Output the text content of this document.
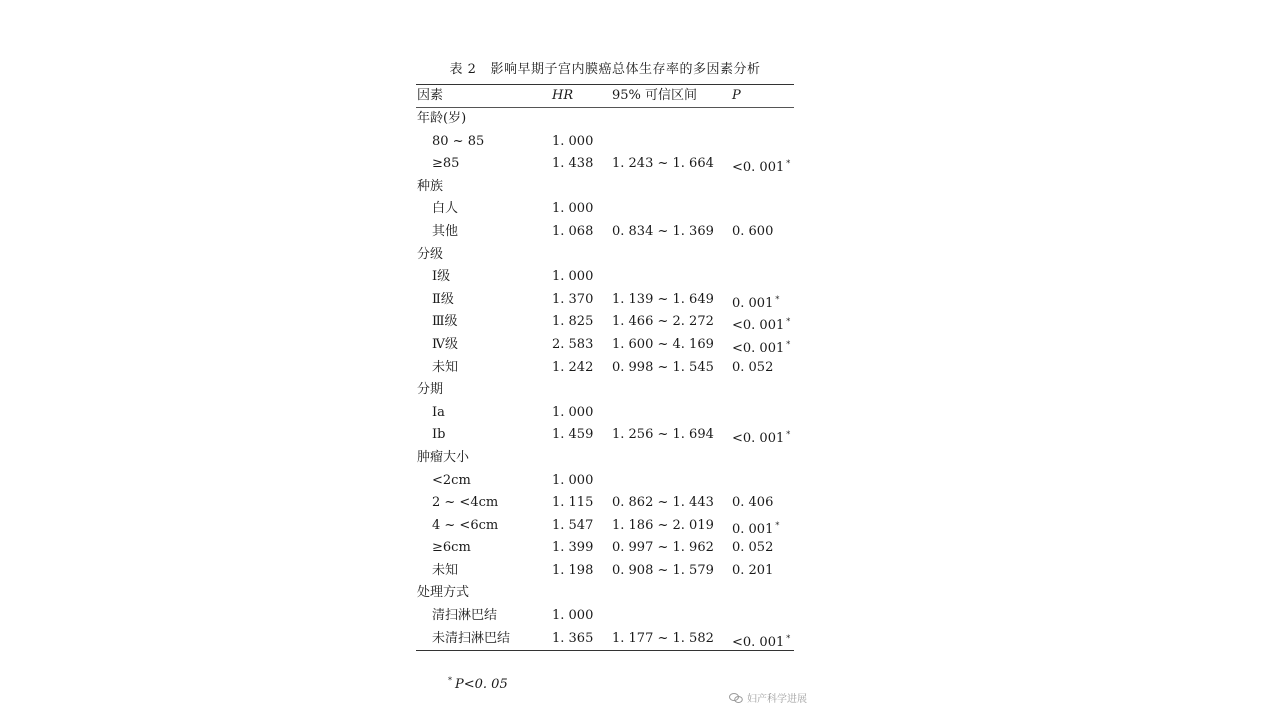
表 2 影响早期子宫内膜癌总体生存率的多因素分析
因素	HR	95% 可信区间	P
年龄(岁)
80 ~ 85	1. 000
≥85	1. 438	1. 243 ~ 1. 664	<0. 001 *
种族
白人	1. 000
其他	1. 068	0. 834 ~ 1. 369	0. 600
分级
Ⅰ级	1. 000
Ⅱ级	1. 370	1. 139 ~ 1. 649	0. 001 *
Ⅲ级	1. 825	1. 466 ~ 2. 272	<0. 001 *
Ⅳ级	2. 583	1. 600 ~ 4. 169	<0. 001 *
未知	1. 242	0. 998 ~ 1. 545	0. 052
分期
Ia	1. 000
Ib	1. 459	1. 256 ~ 1. 694	<0. 001 *
肿瘤大小
<2cm	1. 000
2 ~ <4cm	1. 115	0. 862 ~ 1. 443	0. 406
4 ~ <6cm	1. 547	1. 186 ~ 2. 019	0. 001 *
≥6cm	1. 399	0. 997 ~ 1. 962	0. 052
未知	1. 198	0. 908 ~ 1. 579	0. 201
处理方式
清扫淋巴结	1. 000
未清扫淋巴结	1. 365	1. 177 ~ 1. 582	<0. 001 *
* P<0. 05
妇产科学进展
